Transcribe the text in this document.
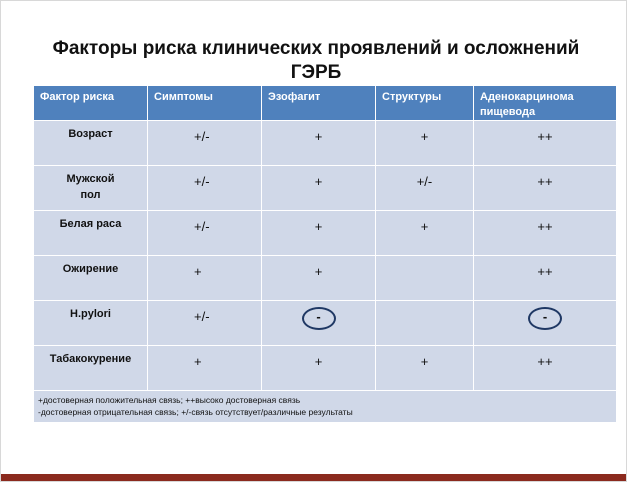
Факторы риска клинических проявлений и осложнений
ГЭРБ
Фактор риска	Симптомы	Эзофагит	Структуры	Аденокарцинома пищевода
Возраст	+/-	+	+	++
Мужской пол	+/-	+	+/-	++
Белая раса	+/-	+	+	++
Ожирение	+	+		++
H.pylori	+/-	-		-
Табакокурение	+	+	+	++

+достоверная положительная связь; ++высоко достоверная связь
-достоверная отрицательная связь; +/-связь отсутствует/различные результаты				
